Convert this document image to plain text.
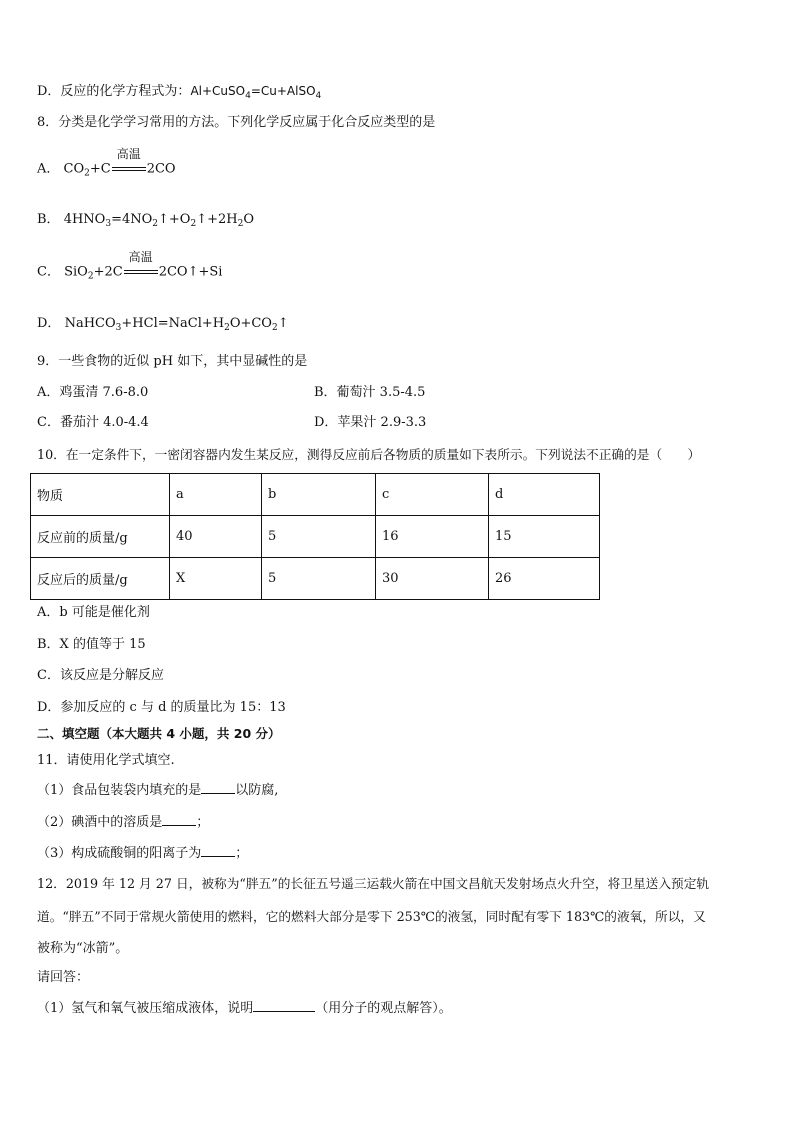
D．反应的化学方程式为：Al+CuSO$_4$=Cu+AlSO$_4$
8．分类是化学学习常用的方法。下列化学反应属于化合反应类型的是
A． $CO_2+C$
高温
2CO
B． $4HNO_3=4NO_2↑+O_2↑+2H_2O$
C． SiO$_2$+2C
高温
2CO↑+Si
D． $NaHCO_3+HCl=NaCl+H_2O+CO_2↑$
9．一些食物的近似 pH 如下，其中显碱性的是
A．鸡蛋清 7.6-8.0	B．葡萄汁 3.5-4.5
C．番茄汁 4.0-4.4	D．苹果汁 2.9-3.3
10．在一定条件下，一密闭容器内发生某反应，测得反应前后各物质的质量如下表所示。下列说法不正确的是（　　）
物质	a	b	c	d
反应前的质量/g	40	5	16	15
反应后的质量/g	X	5	30	26
A．b 可能是催化剂
B．X 的值等于 15
C．该反应是分解反应
D．参加反应的 c 与 d 的质量比为 15：13
二、填空题（本大题共 4 小题，共 20 分）
11．请使用化学式填空.
（1）食品包装袋内填充的是	以防腐,
（2）碘酒中的溶质是	；
（3）构成硫酸铜的阳离子为	；
12．2019 年 12 月 27 日，被称为“胖五”的长征五号遥三运载火箭在中国文昌航天发射场点火升空，将卫星送入预定轨
道。“胖五”不同于常规火箭使用的燃料，它的燃料大部分是零下 253℃的液氢，同时配有零下 183℃的液氧，所以，又
被称为“冰箭”。
请回答：
（1）氢气和氧气被压缩成液体，说明	（用分子的观点解答）。
